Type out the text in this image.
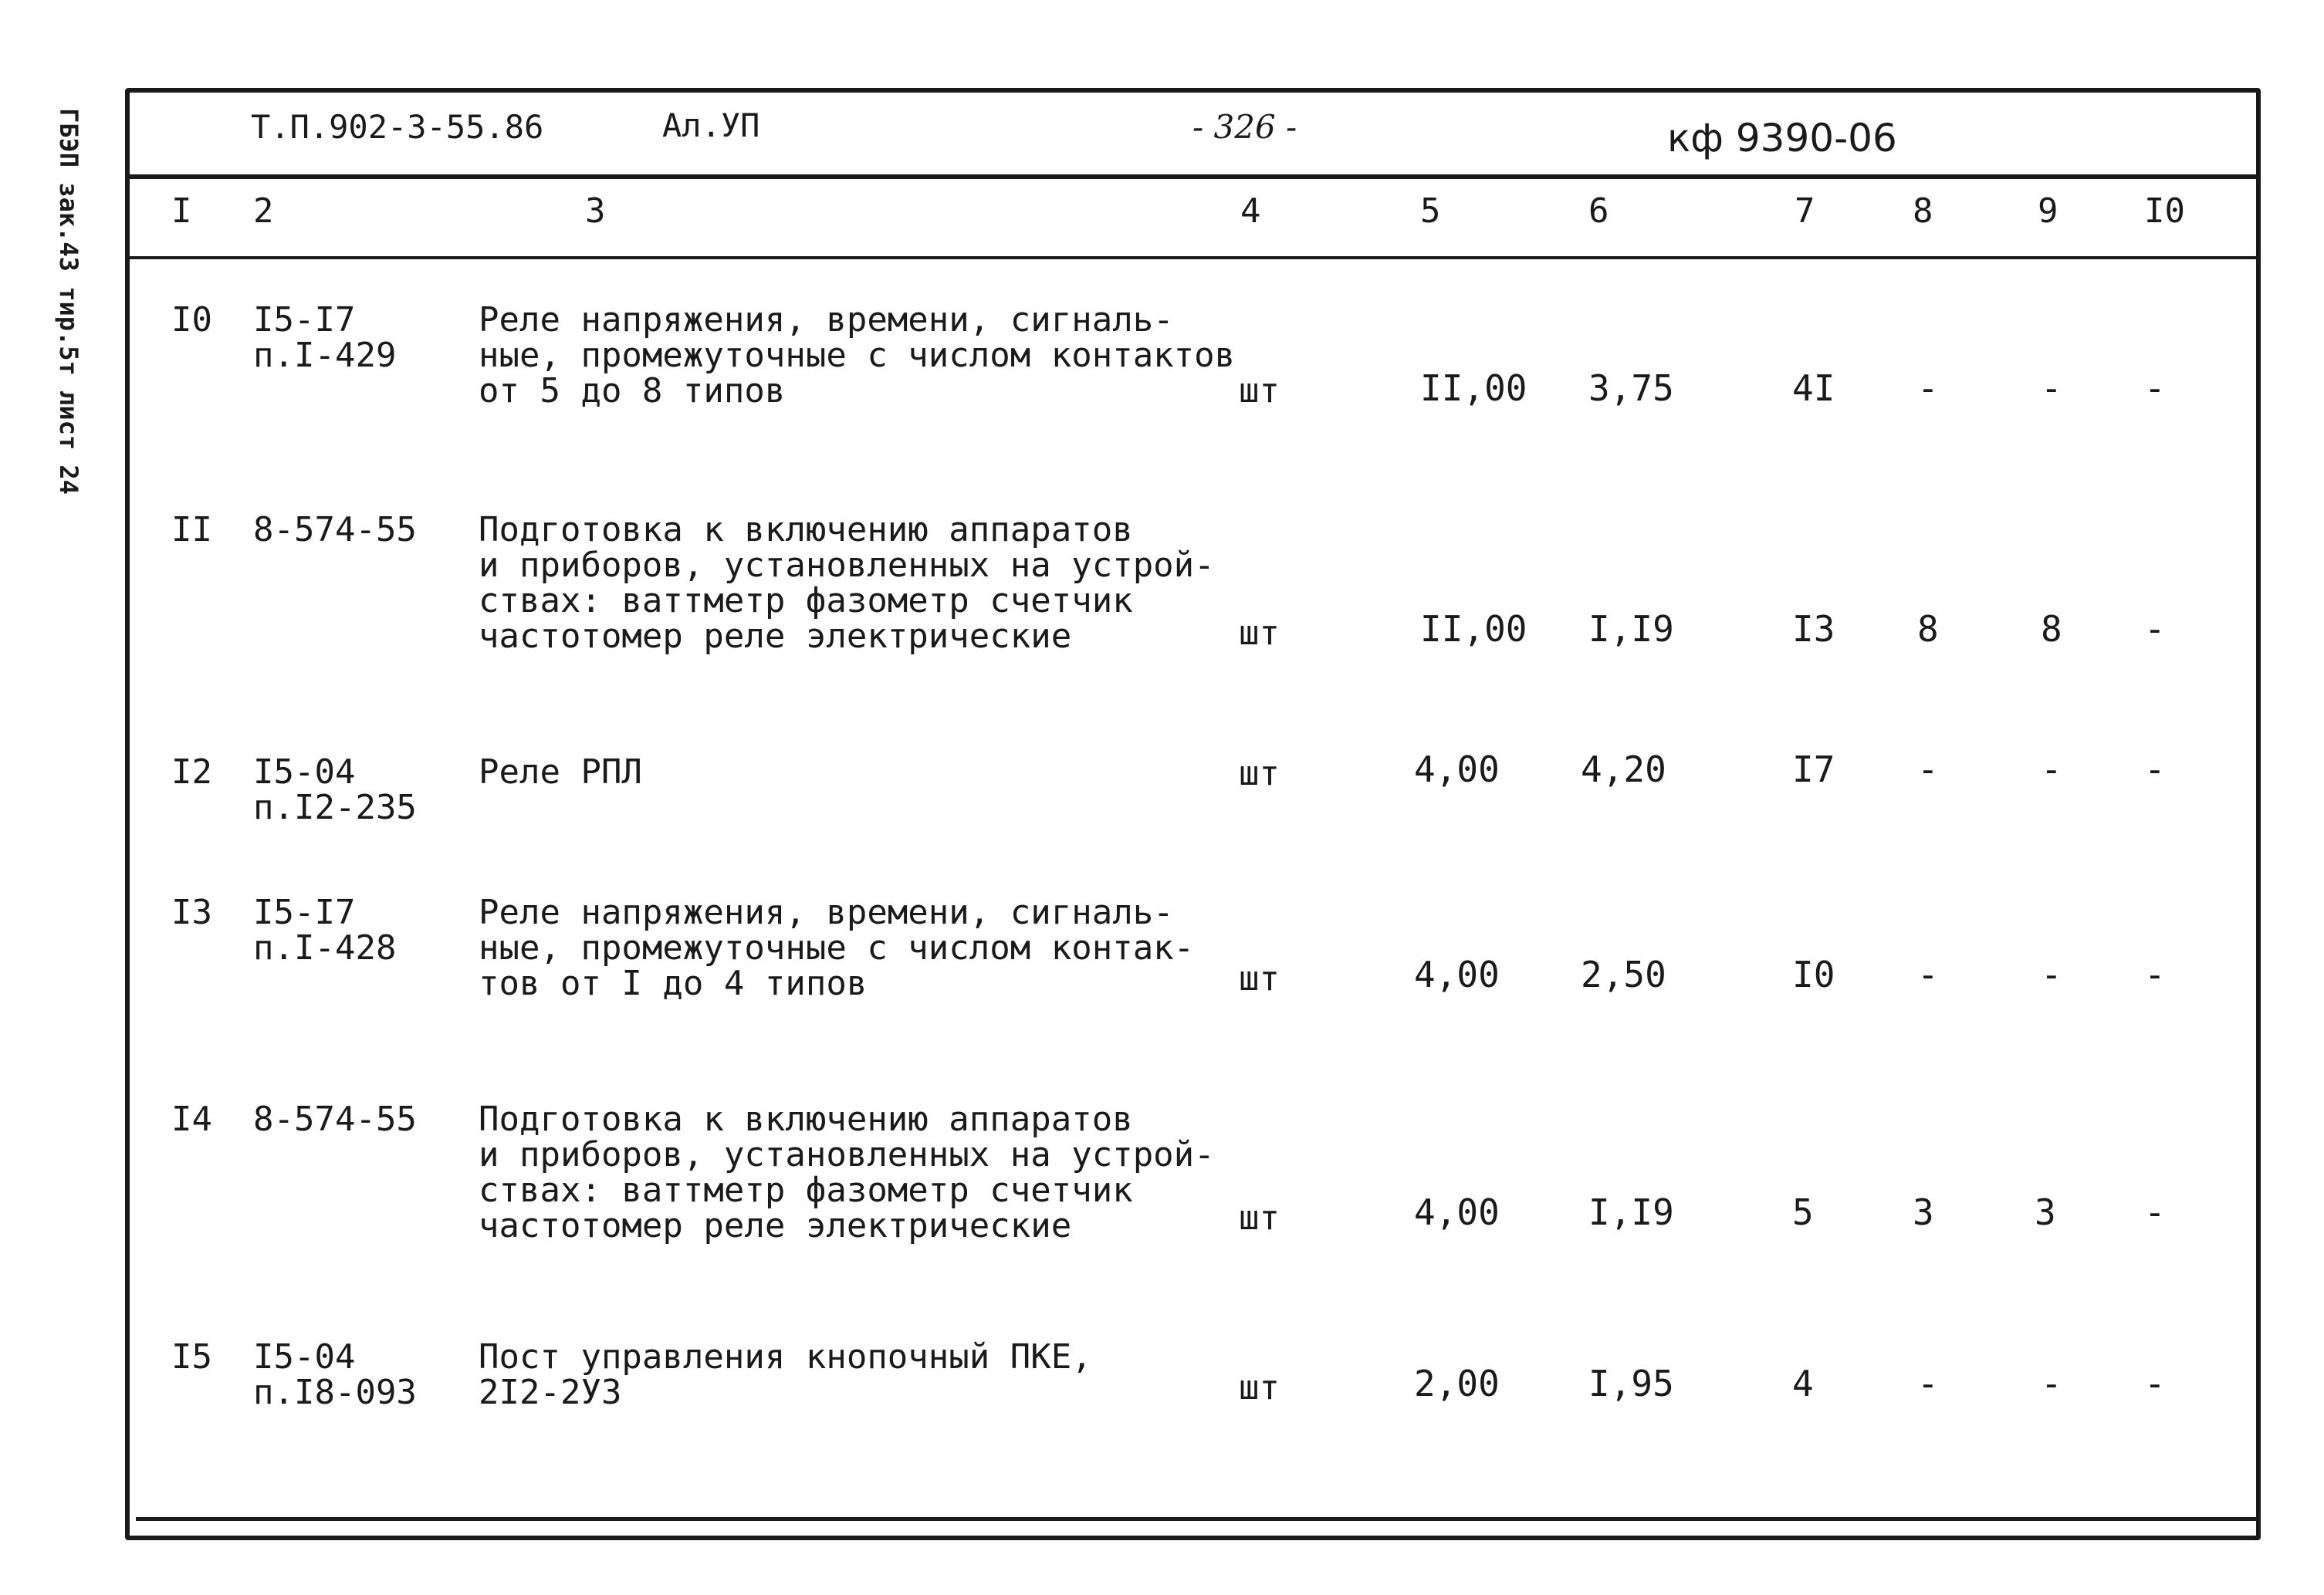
ГБЭП зак.43 тир.5т лист 24	Т.П.902-3-55.86	Ал.УП	- 326 -	кф 9390-06
I 2	3	4	5	6	7	8	9	I0
I0 I5-I7
п.I-429
Реле напряжения, времени, сигналь-
ные, промежуточные с числом контактов
от 5 до 8 типов	шт	II,00 3,75	4I -	- -
II 8-574-55 Подготовка к включению аппаратов
и приборов, установленных на устрой-
ствах: ваттметр фазометр счетчик
частотомер реле электрические	шт	II,00 I,I9	I3 8	8 -
I2 I5-04
п.I2-235
Реле РПЛ	шт	4,00 4,20	I7 -	- -
I3 I5-I7
п.I-428
Реле напряжения, времени, сигналь-
ные, промежуточные с числом контак-
тов от I до 4 типов	шт	4,00 2,50	I0 -	- -
I4 8-574-55 Подготовка к включению аппаратов
и приборов, установленных на устрой-
ствах: ваттметр фазометр счетчик
частотомер реле электрические	шт	4,00	I,I9	5	3	3 -
I5 I5-04
п.I8-093
Пост управления кнопочный ПКЕ,
2I2-2У3	шт	2,00	I,95	4	-	- -
